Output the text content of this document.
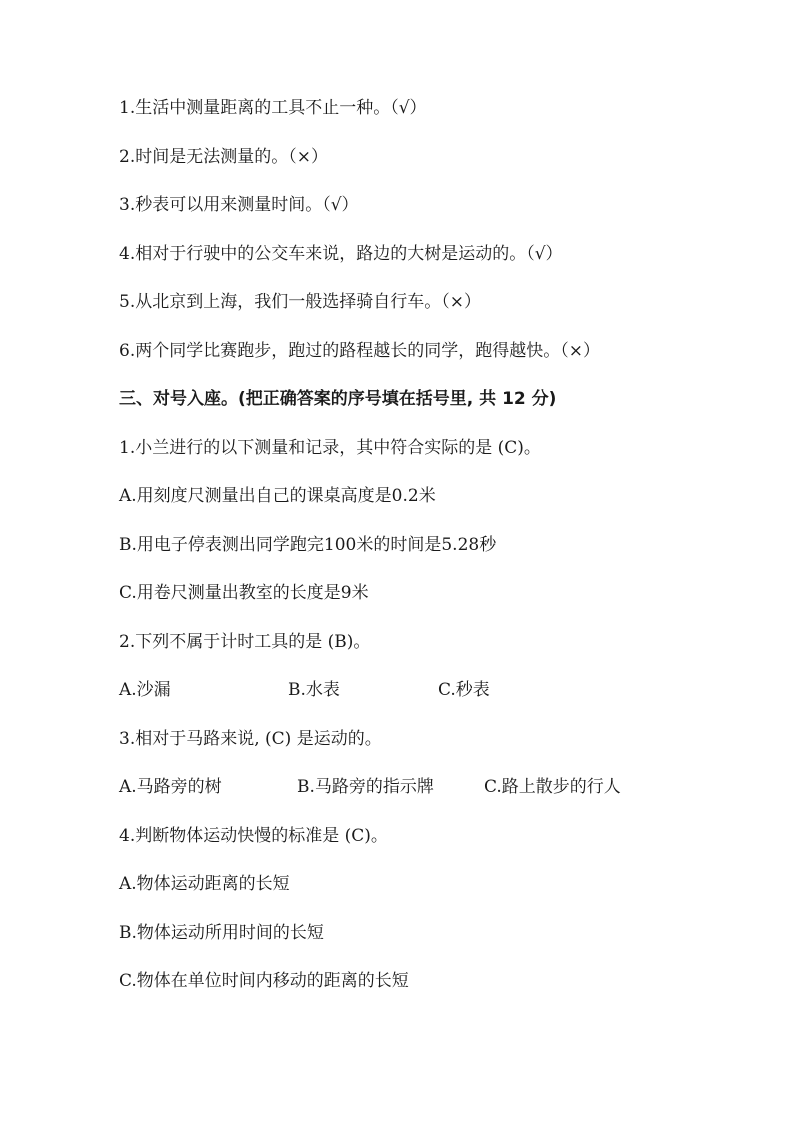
1.生活中测量距离的工具不止一种。（√）
2.时间是无法测量的。（×）
3.秒表可以用来测量时间。（√）
4.相对于行驶中的公交车来说，路边的大树是运动的。（√）
5.从北京到上海，我们一般选择骑自行车。（×）
6.两个同学比赛跑步，跑过的路程越长的同学，跑得越快。（×）
三、对号入座。(把正确答案的序号填在括号里, 共 12 分)
1.小兰进行的以下测量和记录，其中符合实际的是 (C)。
A.用刻度尺测量出自己的课桌高度是0.2米
B.用电子停表测出同学跑完100米的时间是5.28秒
C.用卷尺测量出教室的长度是9米
2.下列不属于计时工具的是 (B)。
A.沙漏	B.水表	C.秒表
3.相对于马路来说, (C) 是运动的。
A.马路旁的树	B.马路旁的指示牌	C.路上散步的行人
4.判断物体运动快慢的标准是 (C)。
A.物体运动距离的长短
B.物体运动所用时间的长短
C.物体在单位时间内移动的距离的长短
